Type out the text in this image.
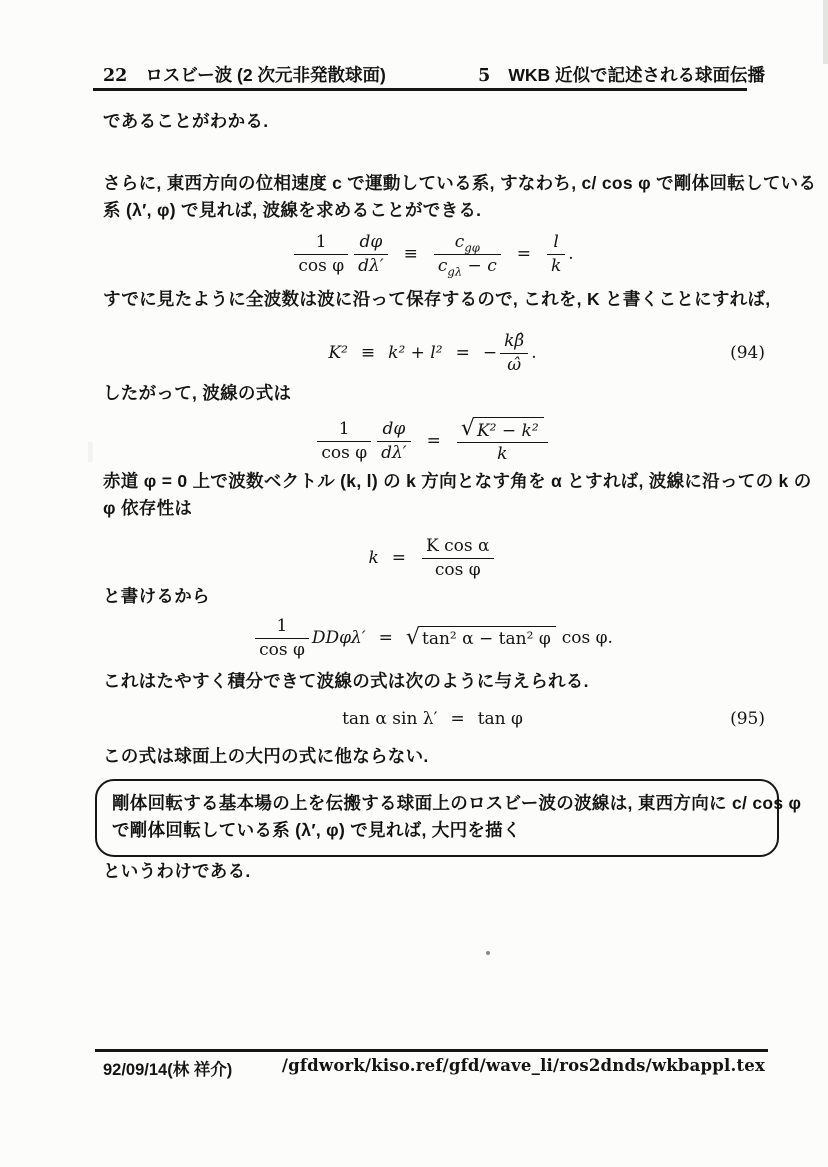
22 ロスビー波 (2 次元非発散球面)	5 WKB 近似で記述される球面伝播
であることがわかる.
さらに, 東西方向の位相速度 c で運動している系, すなわち, c/ cos φ で剛体回転している
系 (λ′, φ) で見れば, 波線を求めることができる.
$\frac{1}{\text{cos φ}} \frac{d\varphi}{d\lambda'} \equiv \frac{c_{g\varphi}}{c_{g\lambda} - c} = \frac{l}{k}$ .
すでに見たように全波数は波に沿って保存するので, これを, K と書くことにすれば,
K² ≡ k² + l² = − $\frac{k\betâ}{\omegâ}$ .	(94)
したがって, 波線の式は
$\frac{1}{\text{cos φ}} \frac{d\varphi}{d\lambda'} = \frac{\text{√ K² − k²}}{k}$
赤道 φ = 0 上で波数ベクトル (k, l) の k 方向となす角を α とすれば, 波線に沿っての k の
φ 依存性は
$k = \frac{\text{K cos α}}{\text{cos φ}}$
と書けるから
$\frac{1}{\text{cos φ}} DD\varphi\lambda'$ = √ tan² α − tan² φ cos φ.
これはたやすく積分できて波線の式は次のように与えられる.
tan α sin λ′ = tan φ	(95)
この式は球面上の大円の式に他ならない.
剛体回転する基本場の上を伝搬する球面上のロスビー波の波線は, 東西方向に c/ cos φ
で剛体回転している系 (λ′, φ) で見れば, 大円を描く
というわけである.
92/09/14(林 祥介)	/gfdwork/kiso.ref/gfd/wave_li/ros2dnds/wkbappl.tex
